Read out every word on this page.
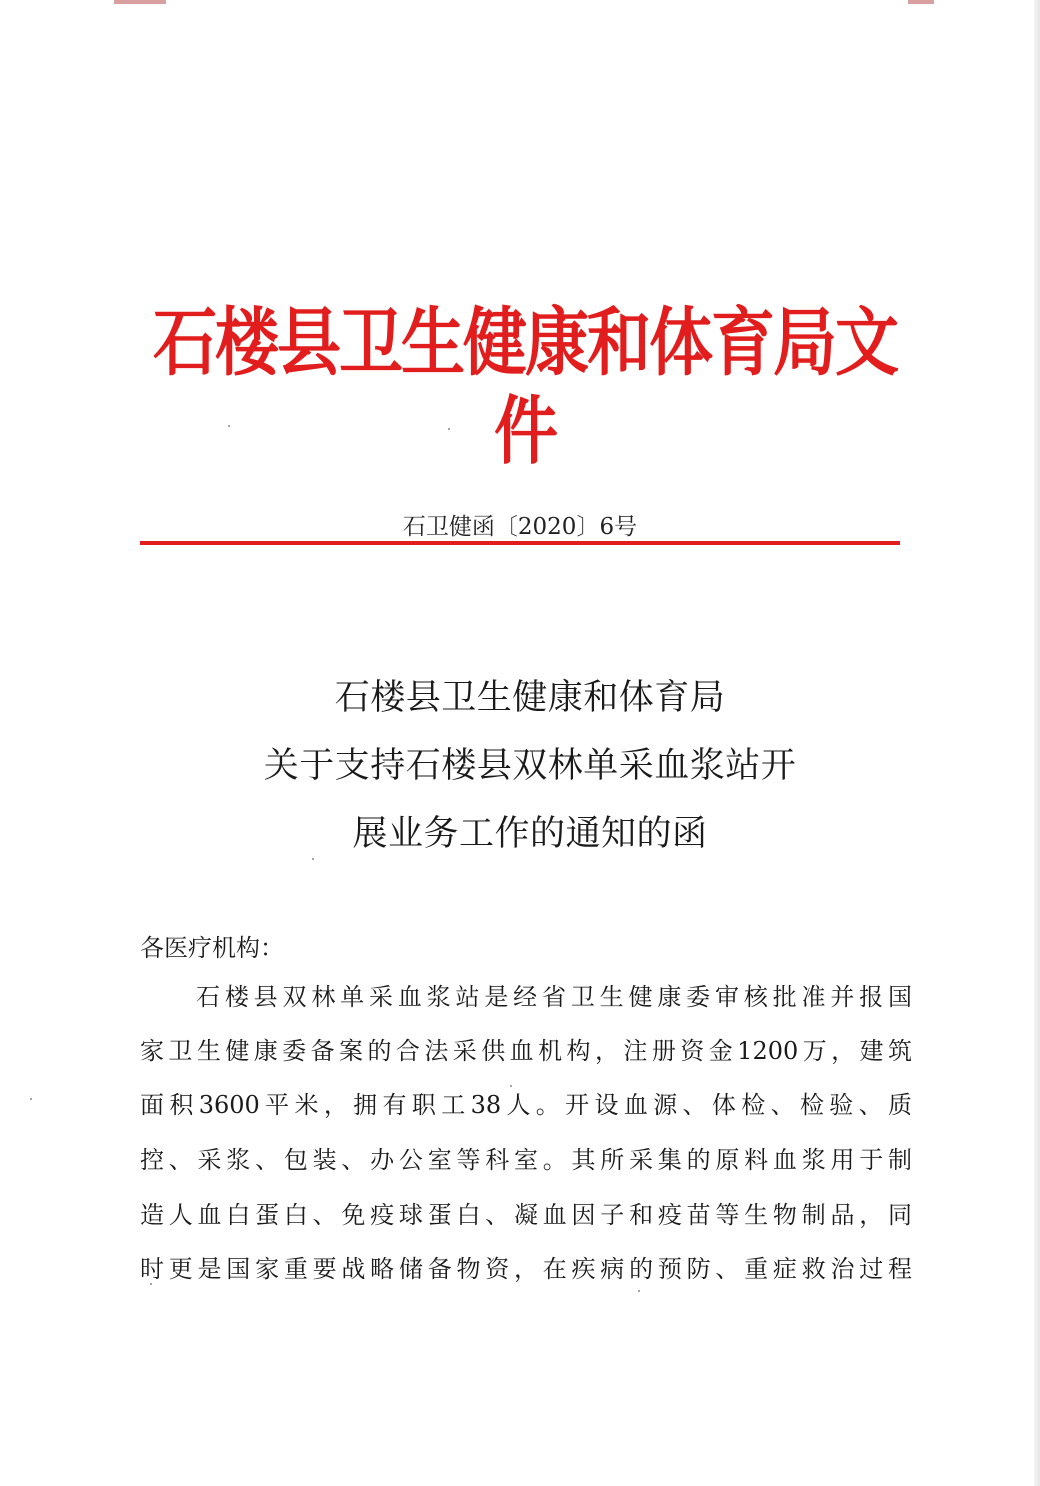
石楼县卫生健康和体育局文件
石卫健函〔2020〕6号
石楼县卫生健康和体育局
关于支持石楼县双林单采血浆站开
展业务工作的通知的函
各医疗机构：
石楼县双林单采血浆站是经省卫生健康委审核批准并报国
家卫生健康委备案的合法采供血机构，注册资金1200万，建筑
面积3600平米，拥有职工38人。开设血源、体检、检验、质
控、采浆、包装、办公室等科室。其所采集的原料血浆用于制
造人血白蛋白、免疫球蛋白、凝血因子和疫苗等生物制品，同
时更是国家重要战略储备物资，在疾病的预防、重症救治过程
